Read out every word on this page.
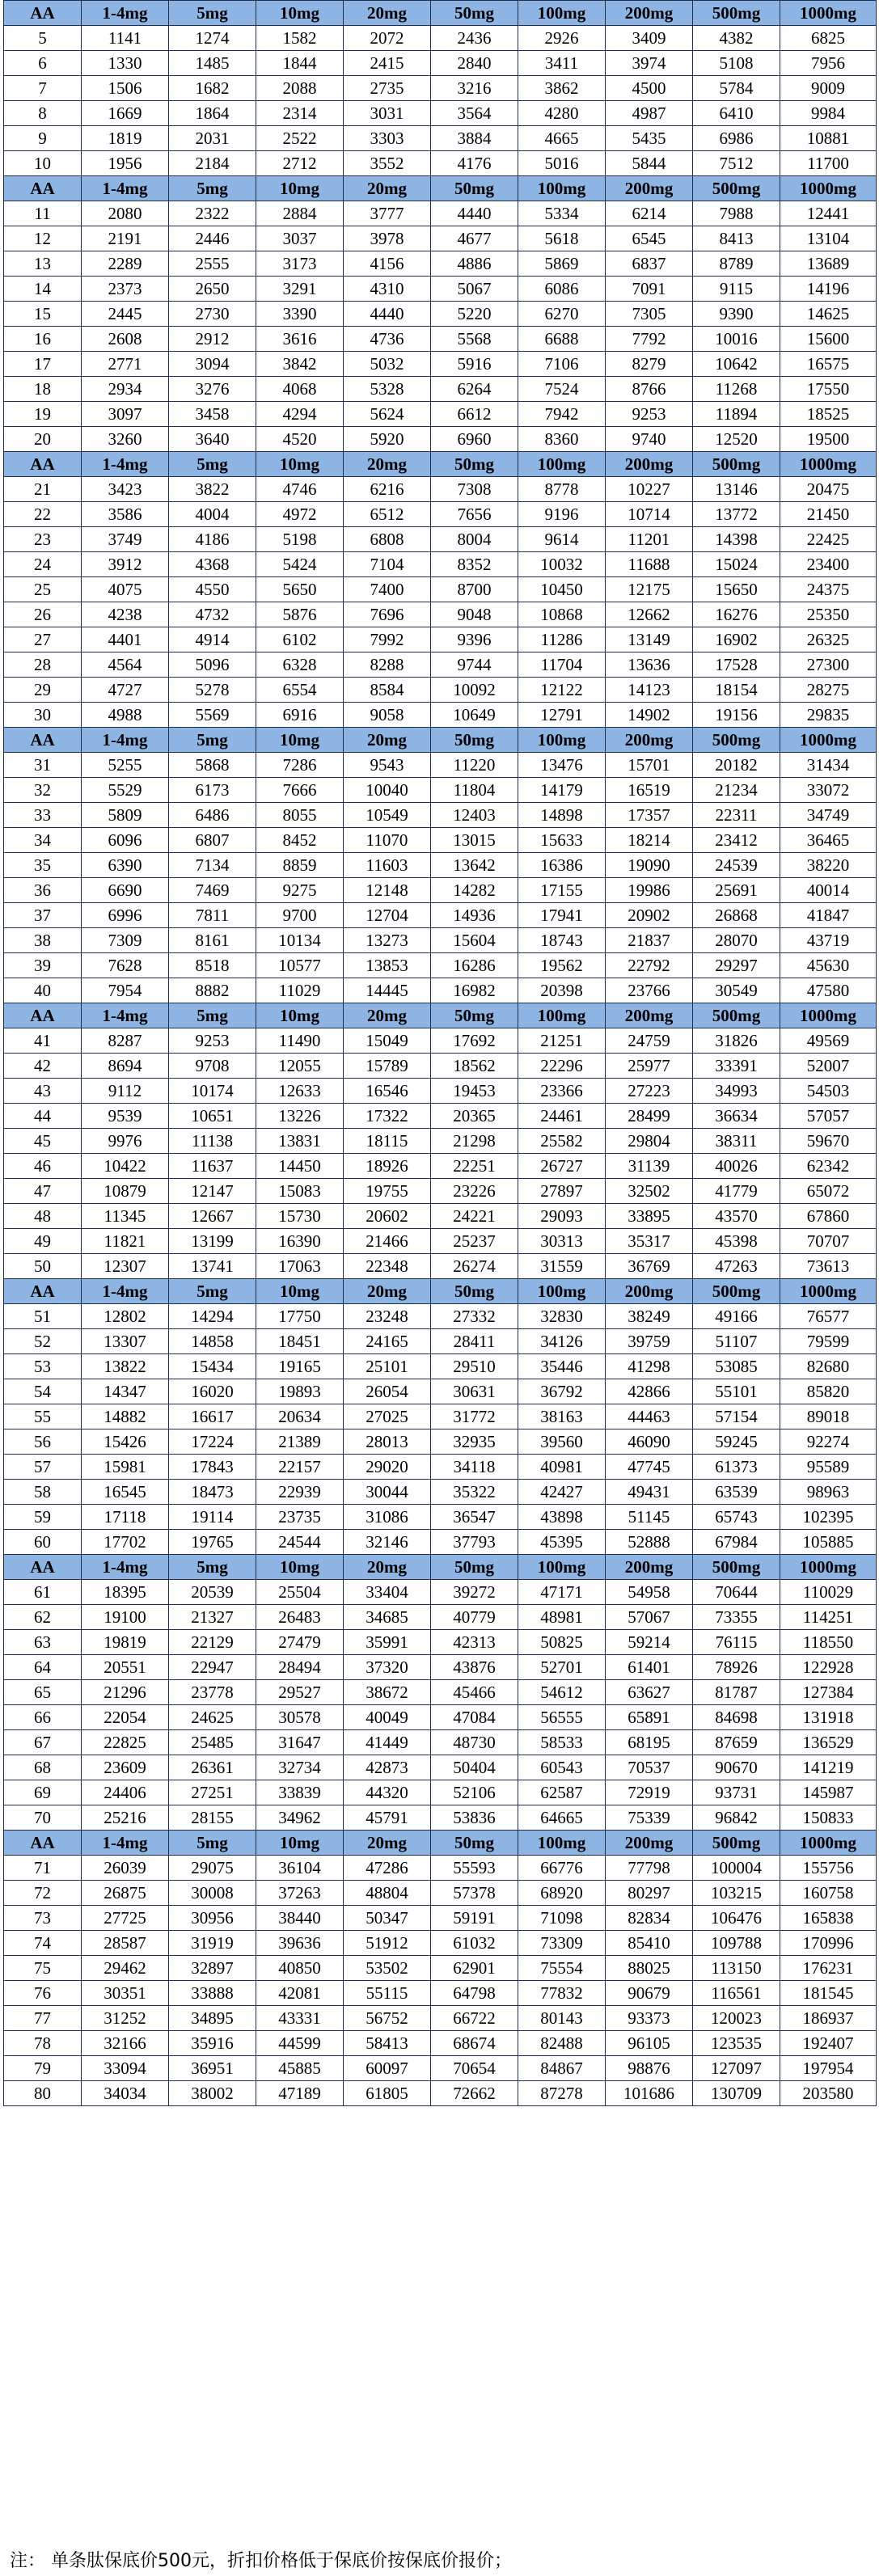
AA	1-4mg	5mg	10mg	20mg	50mg	100mg	200mg	500mg	1000mg
5	1141	1274	1582	2072	2436	2926	3409	4382	6825
6	1330	1485	1844	2415	2840	3411	3974	5108	7956
7	1506	1682	2088	2735	3216	3862	4500	5784	9009
8	1669	1864	2314	3031	3564	4280	4987	6410	9984
9	1819	2031	2522	3303	3884	4665	5435	6986	10881
10	1956	2184	2712	3552	4176	5016	5844	7512	11700
AA	1-4mg	5mg	10mg	20mg	50mg	100mg	200mg	500mg	1000mg
11	2080	2322	2884	3777	4440	5334	6214	7988	12441
12	2191	2446	3037	3978	4677	5618	6545	8413	13104
13	2289	2555	3173	4156	4886	5869	6837	8789	13689
14	2373	2650	3291	4310	5067	6086	7091	9115	14196
15	2445	2730	3390	4440	5220	6270	7305	9390	14625
16	2608	2912	3616	4736	5568	6688	7792	10016	15600
17	2771	3094	3842	5032	5916	7106	8279	10642	16575
18	2934	3276	4068	5328	6264	7524	8766	11268	17550
19	3097	3458	4294	5624	6612	7942	9253	11894	18525
20	3260	3640	4520	5920	6960	8360	9740	12520	19500
AA	1-4mg	5mg	10mg	20mg	50mg	100mg	200mg	500mg	1000mg
21	3423	3822	4746	6216	7308	8778	10227	13146	20475
22	3586	4004	4972	6512	7656	9196	10714	13772	21450
23	3749	4186	5198	6808	8004	9614	11201	14398	22425
24	3912	4368	5424	7104	8352	10032	11688	15024	23400
25	4075	4550	5650	7400	8700	10450	12175	15650	24375
26	4238	4732	5876	7696	9048	10868	12662	16276	25350
27	4401	4914	6102	7992	9396	11286	13149	16902	26325
28	4564	5096	6328	8288	9744	11704	13636	17528	27300
29	4727	5278	6554	8584	10092	12122	14123	18154	28275
30	4988	5569	6916	9058	10649	12791	14902	19156	29835
AA	1-4mg	5mg	10mg	20mg	50mg	100mg	200mg	500mg	1000mg
31	5255	5868	7286	9543	11220	13476	15701	20182	31434
32	5529	6173	7666	10040	11804	14179	16519	21234	33072
33	5809	6486	8055	10549	12403	14898	17357	22311	34749
34	6096	6807	8452	11070	13015	15633	18214	23412	36465
35	6390	7134	8859	11603	13642	16386	19090	24539	38220
36	6690	7469	9275	12148	14282	17155	19986	25691	40014
37	6996	7811	9700	12704	14936	17941	20902	26868	41847
38	7309	8161	10134	13273	15604	18743	21837	28070	43719
39	7628	8518	10577	13853	16286	19562	22792	29297	45630
40	7954	8882	11029	14445	16982	20398	23766	30549	47580
AA	1-4mg	5mg	10mg	20mg	50mg	100mg	200mg	500mg	1000mg
41	8287	9253	11490	15049	17692	21251	24759	31826	49569
42	8694	9708	12055	15789	18562	22296	25977	33391	52007
43	9112	10174	12633	16546	19453	23366	27223	34993	54503
44	9539	10651	13226	17322	20365	24461	28499	36634	57057
45	9976	11138	13831	18115	21298	25582	29804	38311	59670
46	10422	11637	14450	18926	22251	26727	31139	40026	62342
47	10879	12147	15083	19755	23226	27897	32502	41779	65072
48	11345	12667	15730	20602	24221	29093	33895	43570	67860
49	11821	13199	16390	21466	25237	30313	35317	45398	70707
50	12307	13741	17063	22348	26274	31559	36769	47263	73613
AA	1-4mg	5mg	10mg	20mg	50mg	100mg	200mg	500mg	1000mg
51	12802	14294	17750	23248	27332	32830	38249	49166	76577
52	13307	14858	18451	24165	28411	34126	39759	51107	79599
53	13822	15434	19165	25101	29510	35446	41298	53085	82680
54	14347	16020	19893	26054	30631	36792	42866	55101	85820
55	14882	16617	20634	27025	31772	38163	44463	57154	89018
56	15426	17224	21389	28013	32935	39560	46090	59245	92274
57	15981	17843	22157	29020	34118	40981	47745	61373	95589
58	16545	18473	22939	30044	35322	42427	49431	63539	98963
59	17118	19114	23735	31086	36547	43898	51145	65743	102395
60	17702	19765	24544	32146	37793	45395	52888	67984	105885
AA	1-4mg	5mg	10mg	20mg	50mg	100mg	200mg	500mg	1000mg
61	18395	20539	25504	33404	39272	47171	54958	70644	110029
62	19100	21327	26483	34685	40779	48981	57067	73355	114251
63	19819	22129	27479	35991	42313	50825	59214	76115	118550
64	20551	22947	28494	37320	43876	52701	61401	78926	122928
65	21296	23778	29527	38672	45466	54612	63627	81787	127384
66	22054	24625	30578	40049	47084	56555	65891	84698	131918
67	22825	25485	31647	41449	48730	58533	68195	87659	136529
68	23609	26361	32734	42873	50404	60543	70537	90670	141219
69	24406	27251	33839	44320	52106	62587	72919	93731	145987
70	25216	28155	34962	45791	53836	64665	75339	96842	150833
AA	1-4mg	5mg	10mg	20mg	50mg	100mg	200mg	500mg	1000mg
71	26039	29075	36104	47286	55593	66776	77798	100004	155756
72	26875	30008	37263	48804	57378	68920	80297	103215	160758
73	27725	30956	38440	50347	59191	71098	82834	106476	165838
74	28587	31919	39636	51912	61032	73309	85410	109788	170996
75	29462	32897	40850	53502	62901	75554	88025	113150	176231
76	30351	33888	42081	55115	64798	77832	90679	116561	181545
77	31252	34895	43331	56752	66722	80143	93373	120023	186937
78	32166	35916	44599	58413	68674	82488	96105	123535	192407
79	33094	36951	45885	60097	70654	84867	98876	127097	197954
80	34034	38002	47189	61805	72662	87278	101686	130709	203580
注： 单条肽保底价500元，折扣价格低于保底价按保底价报价；
